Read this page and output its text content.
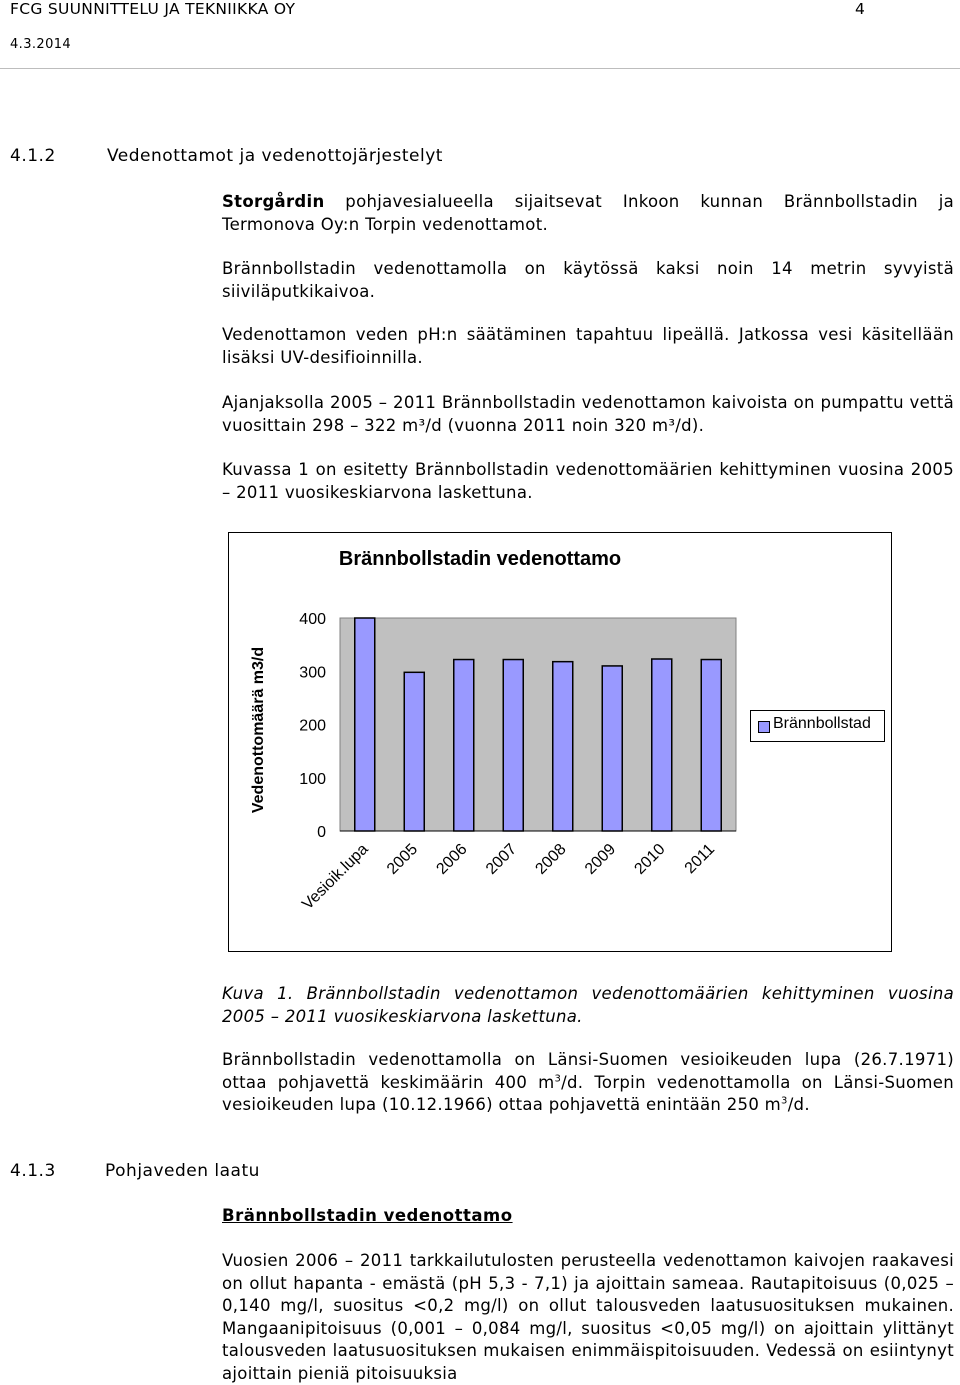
FCG SUUNNITTELU JA TEKNIIKKA OY	4
4.3.2014
4.1.2	Vedenottamot ja vedenottojärjestelyt

Storgårdin pohjavesialueella sijaitsevat Inkoon kunnan Brännbollstadin ja Termonova Oy:n Torpin vedenottamot.

Brännbollstadin vedenottamolla on käytössä kaksi noin 14 metrin syvyistä siiviläputkikaivoa.

Vedenottamon veden pH:n säätäminen tapahtuu lipeällä. Jatkossa vesi käsitellään lisäksi UV-desifioinnilla.

Ajanjaksolla 2005 – 2011 Brännbollstadin vedenottamon kaivoista on pumpattu vettä vuosittain 298 – 322 m³/d (vuonna 2011 noin 320 m³/d).

Kuvassa 1 on esitetty Brännbollstadin vedenottomäärien kehittyminen vuosina 2005 – 2011 vuosikeskiarvona laskettuna.

Brännbollstadin vedenottamo
Vedenottomäärä m3/d
0
100
200
300
400
Vesioik.lupa 2005 2006 2007 2008 2009 2010 2011
Brännbollstad

Kuva 1. Brännbollstadin vedenottamon vedenottomäärien kehittyminen vuosina 2005 – 2011 vuosikeskiarvona laskettuna.

Brännbollstadin vedenottamolla on Länsi-Suomen vesioikeuden lupa (26.7.1971) ottaa pohjavettä keskimäärin 400 $m^3/d$. Torpin vedenottamolla on Länsi-Suomen vesioikeuden lupa (10.12.1966) ottaa pohjavettä enintään 250 $m^3/d$.

4.1.3	Pohjaveden laatu
Brännbollstadin vedenottamo

Vuosien 2006 – 2011 tarkkailutulosten perusteella vedenottamon kaivojen raakavesi on ollut hapanta - emästä (pH 5,3 - 7,1) ja ajoittain sameaa. Rautapitoisuus (0,025 – 0,140 mg/l, suositus <0,2 mg/l) on ollut talousveden laatusuosituksen mukainen. Mangaanipitoisuus (0,001 – 0,084 mg/l, suositus <0,05 mg/l) on ajoittain ylittänyt talousveden laatusuosituksen mukaisen enimmäispitoisuuden. Vedessä on esiintynyt ajoittain pieniä pitoisuuksia
